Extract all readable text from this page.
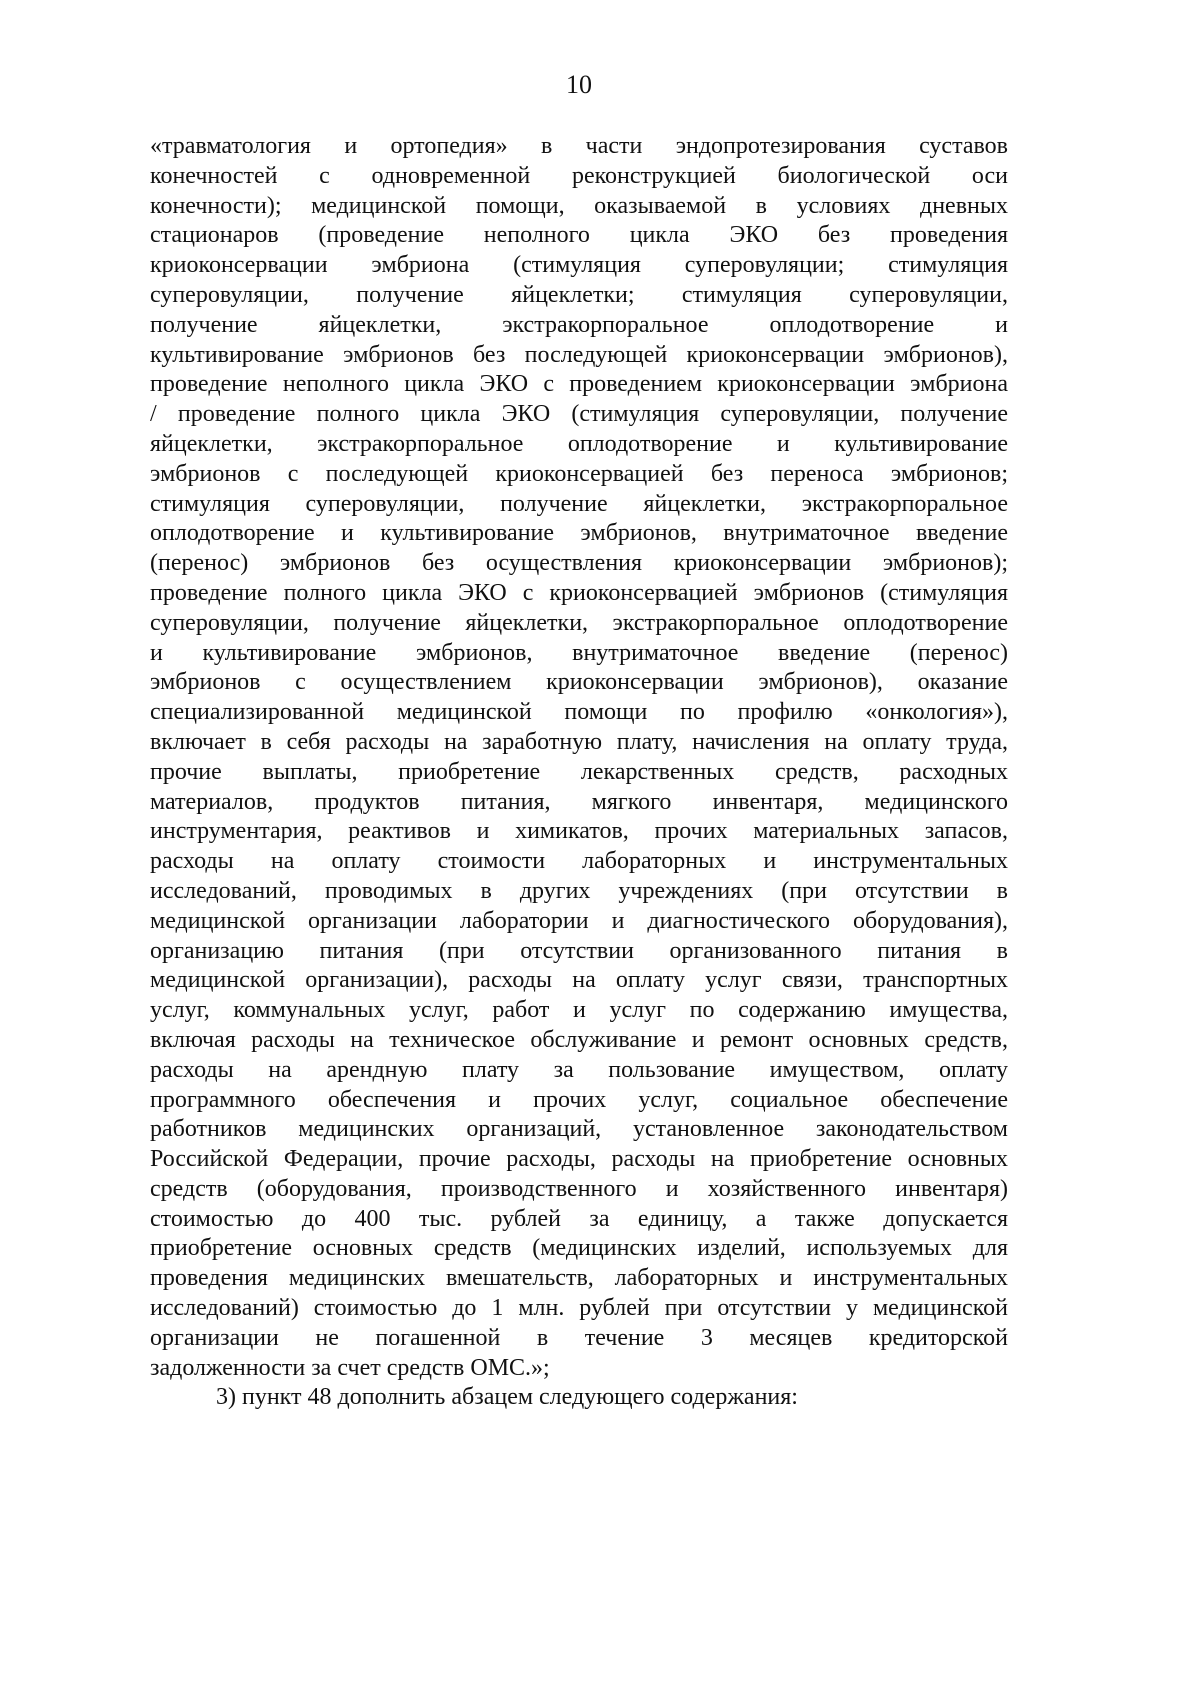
10
«травматология и ортопедия» в части эндопротезирования суставов
конечностей с одновременной реконструкцией биологической оси
конечности); медицинской помощи, оказываемой в условиях дневных
стационаров (проведение неполного цикла ЭКО без проведения
криоконсервации эмбриона (стимуляция суперовуляции; стимуляция
суперовуляции, получение яйцеклетки; стимуляция суперовуляции,
получение яйцеклетки, экстракорпоральное оплодотворение и
культивирование эмбрионов без последующей криоконсервации эмбрионов),
проведение неполного цикла ЭКО с проведением криоконсервации эмбриона
/ проведение полного цикла ЭКО (стимуляция суперовуляции, получение
яйцеклетки, экстракорпоральное оплодотворение и культивирование
эмбрионов с последующей криоконсервацией без переноса эмбрионов;
стимуляция суперовуляции, получение яйцеклетки, экстракорпоральное
оплодотворение и культивирование эмбрионов, внутриматочное введение
(перенос) эмбрионов без осуществления криоконсервации эмбрионов);
проведение полного цикла ЭКО с криоконсервацией эмбрионов (стимуляция
суперовуляции, получение яйцеклетки, экстракорпоральное оплодотворение
и культивирование эмбрионов, внутриматочное введение (перенос)
эмбрионов с осуществлением криоконсервации эмбрионов), оказание
специализированной медицинской помощи по профилю «онкология»),
включает в себя расходы на заработную плату, начисления на оплату труда,
прочие выплаты, приобретение лекарственных средств, расходных
материалов, продуктов питания, мягкого инвентаря, медицинского
инструментария, реактивов и химикатов, прочих материальных запасов,
расходы на оплату стоимости лабораторных и инструментальных
исследований, проводимых в других учреждениях (при отсутствии в
медицинской организации лаборатории и диагностического оборудования),
организацию питания (при отсутствии организованного питания в
медицинской организации), расходы на оплату услуг связи, транспортных
услуг, коммунальных услуг, работ и услуг по содержанию имущества,
включая расходы на техническое обслуживание и ремонт основных средств,
расходы на арендную плату за пользование имуществом, оплату
программного обеспечения и прочих услуг, социальное обеспечение
работников медицинских организаций, установленное законодательством
Российской Федерации, прочие расходы, расходы на приобретение основных
средств (оборудования, производственного и хозяйственного инвентаря)
стоимостью до 400 тыс. рублей за единицу, а также допускается
приобретение основных средств (медицинских изделий, используемых для
проведения медицинских вмешательств, лабораторных и инструментальных
исследований) стоимостью до 1 млн. рублей при отсутствии у медицинской
организации не погашенной в течение 3 месяцев кредиторской
задолженности за счет средств ОМС.»;
3) пункт 48 дополнить абзацем следующего содержания:
